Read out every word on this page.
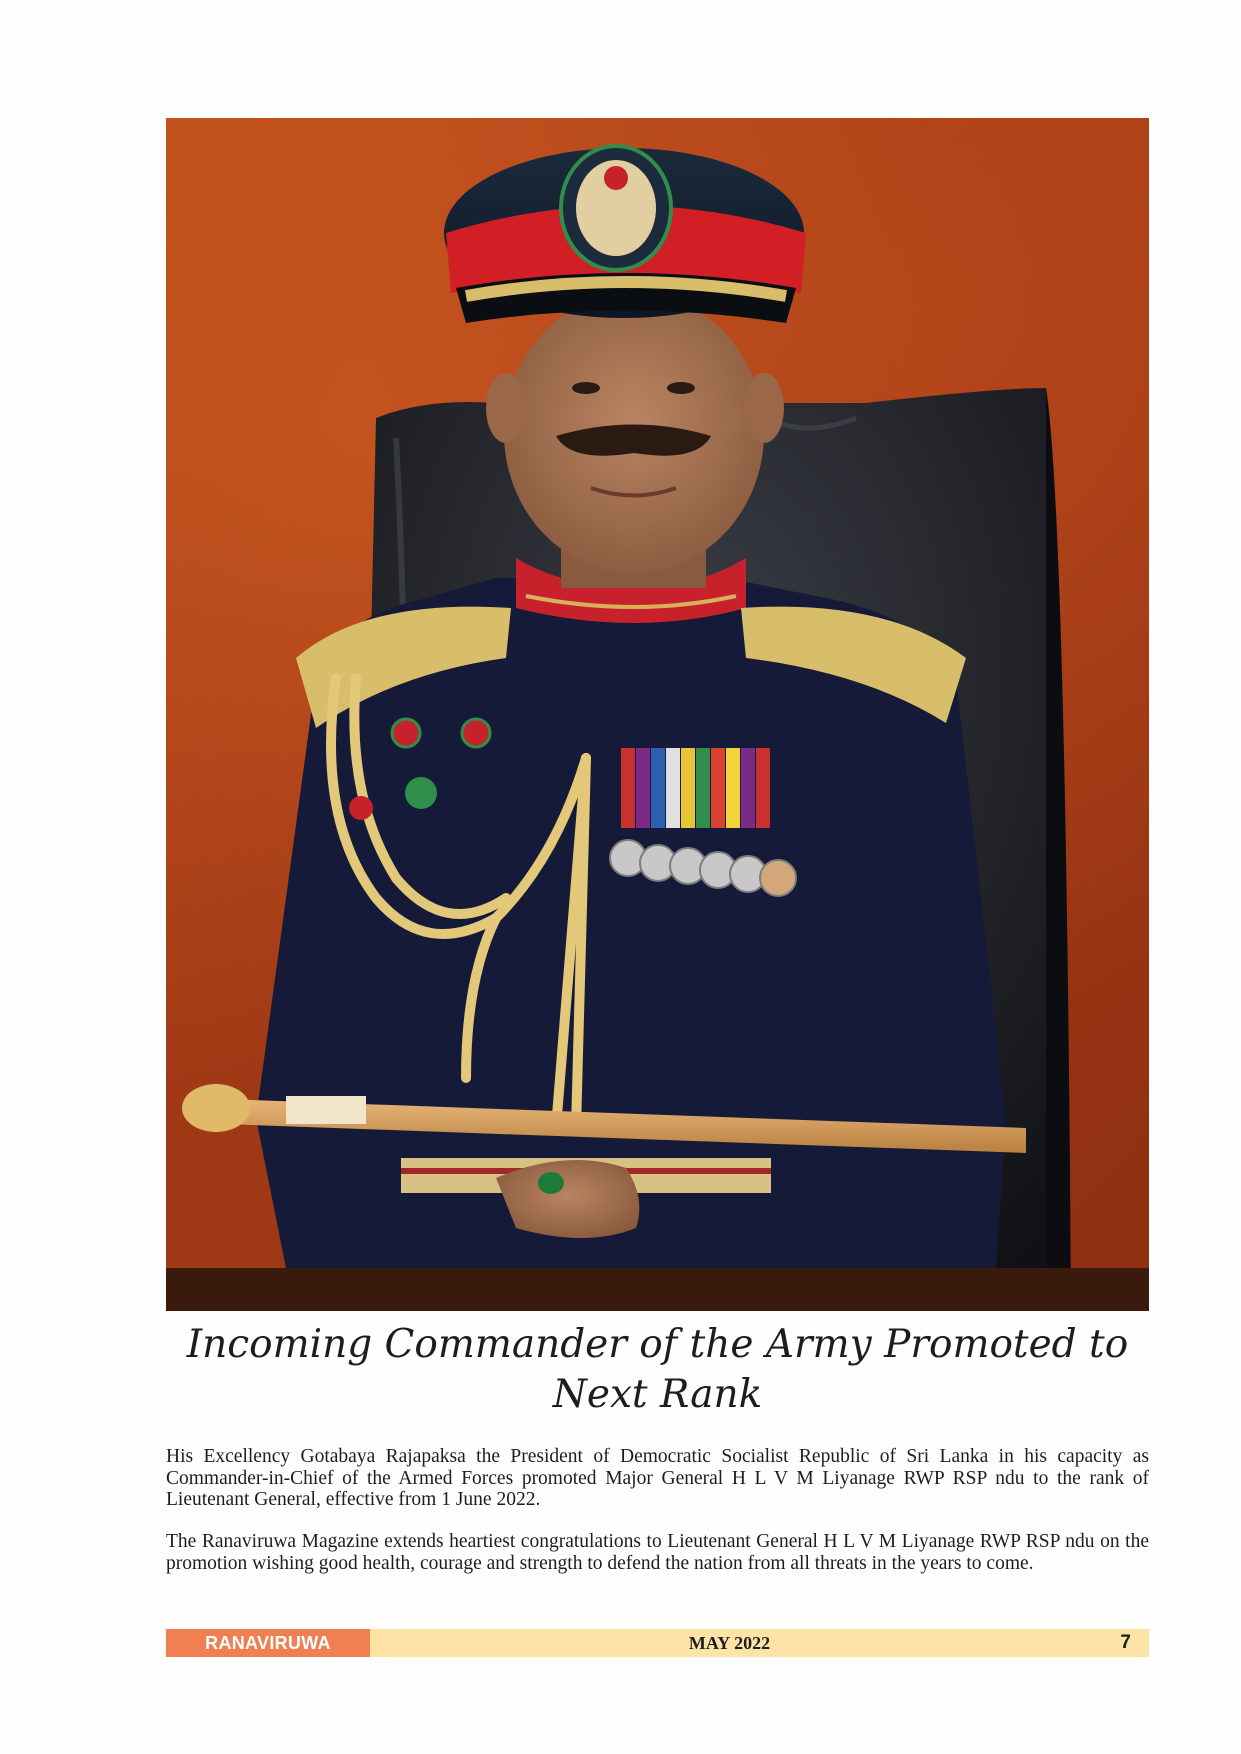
Incoming Commander of the Army Promoted to Next Rank

His Excellency Gotabaya Rajapaksa the President of Democratic Socialist Republic of Sri Lanka in his capacity as Commander-in-Chief of the Armed Forces promoted Major General H L V M Liyanage RWP RSP ndu to the rank of Lieutenant General, effective from 1 June 2022.

The Ranaviruwa Magazine extends heartiest congratulations to Lieutenant General H L V M Liyanage RWP RSP ndu on the promotion wishing good health, courage and strength to defend the nation from all threats in the years to come.

RANAVIRUWA	MAY 2022	7
